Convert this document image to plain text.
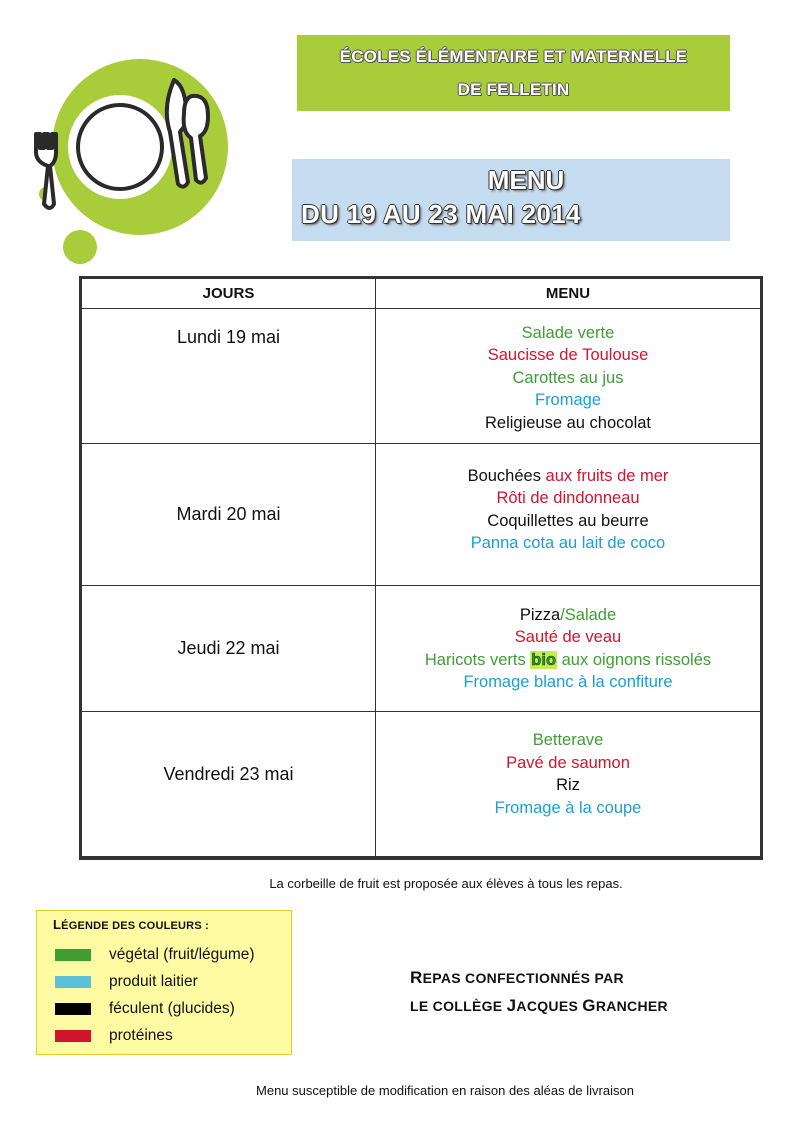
ÉCOLES ÉLÉMENTAIRE ET MATERNELLE
DE FELLETIN
MENU
DU 19 AU 23 MAI 2014
JOURS	MENU
Lundi 19 mai	Salade verte
Saucisse de Toulouse
Carottes au jus
Fromage
Religieuse au chocolat

Mardi 20 mai	Bouchées aux fruits de mer
Rôti de dindonneau
Coquillettes au beurre
Panna cota au lait de coco

Jeudi 22 mai	Pizza/Salade
Sauté de veau
Haricots verts bio aux oignons rissolés
Fromage blanc à la confiture

Vendredi 23 mai	Betterave
Pavé de saumon
Riz
Fromage à la coupe
La corbeille de fruit est proposée aux élèves à tous les repas.
LÉGENDE DES COULEURS :
végétal (fruit/légume)
produit laitier
féculent (glucides)
protéines
REPAS CONFECTIONNÉS PAR
LE COLLÈGE JACQUES GRANCHER
Menu susceptible de modification en raison des aléas de livraison
